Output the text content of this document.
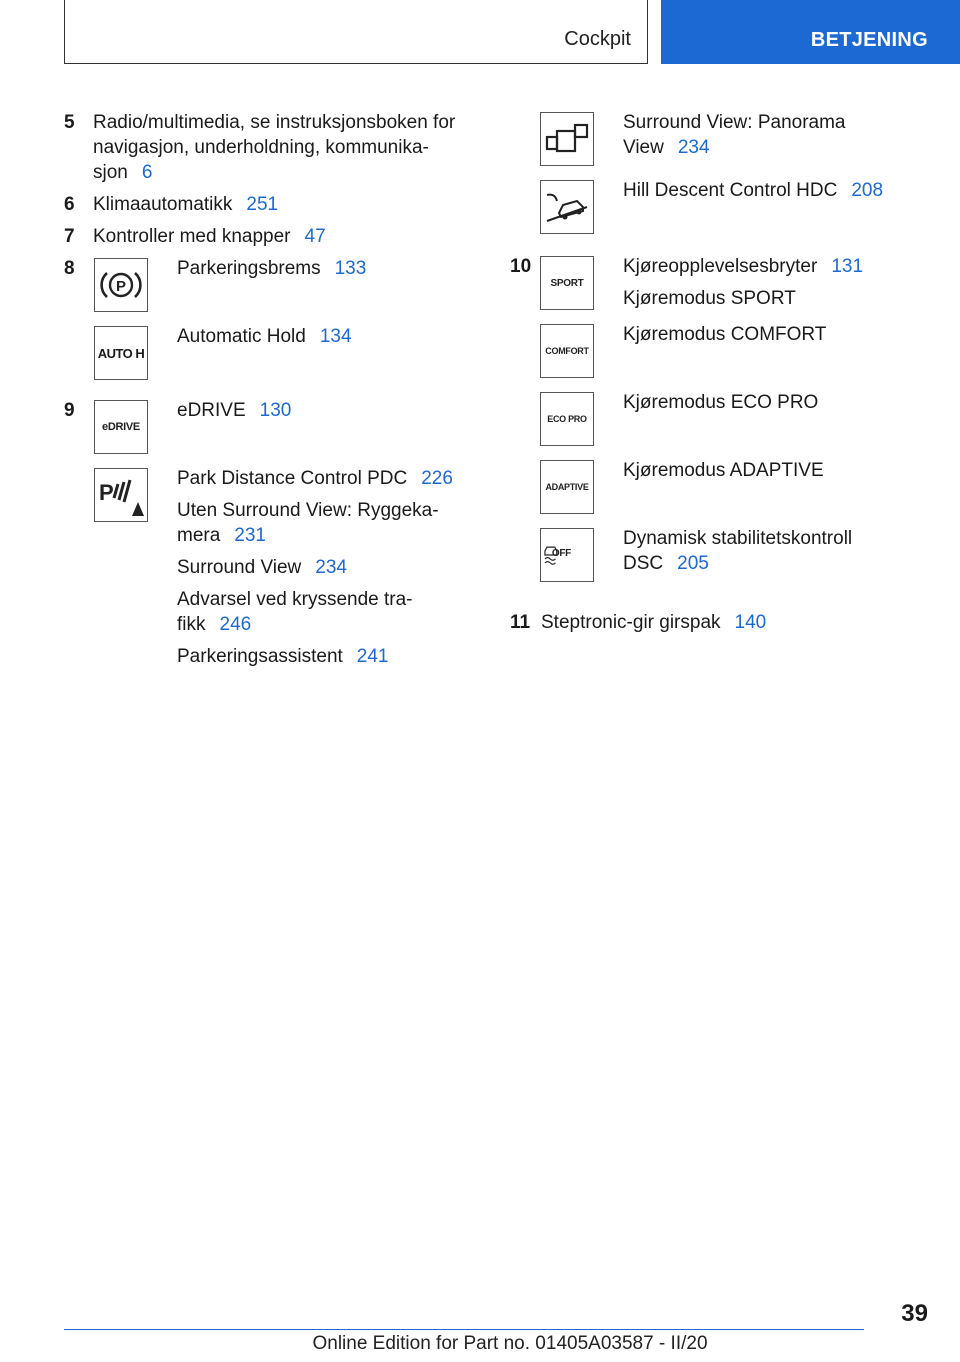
Cockpit	BETJENING
5 Radio/multimedia, se instruksjonsboken for
navigasjon, underholdning, kommunika-
sjon 6
6 Klimaautomatikk 251
7 Kontroller med knapper 47
8
P
Parkeringsbrems 133
AUTO H
Automatic Hold 134
9
eDRIVE
eDRIVE 130
P

Park Distance Control PDC 226

Uten Surround View: Ryggeka-
mera 231

Surround View 234

Advarsel ved kryssende tra-
fikk 246

Parkeringsassistent 241

Surround View: Panorama
View 234
Hill Descent Control HDC 208
10
SPORT

Kjøreopplevelsesbryter 131

Kjøremodus SPORT

COMFORT
Kjøremodus COMFORT
ECO PRO
Kjøremodus ECO PRO
ADAPTIVE
Kjøremodus ADAPTIVE
OFF
Dynamisk stabilitetskontroll
DSC 205
11 Steptronic-gir girspak 140
39
Online Edition for Part no. 01405A03587 - II/20
